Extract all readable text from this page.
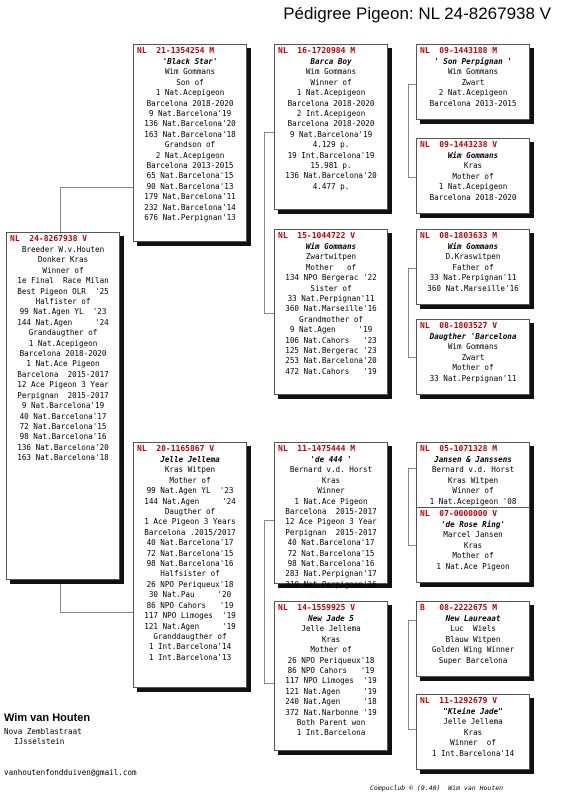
Pédigree Pigeon: NL 24-8267938 V
NL  24-8267938 V
Breeder W.v.Houten
Donker Kras
Winner of
1e Final  Race Milan
Best Pigeon OLR  '25
Halfister of
99 Nat.Agen YL  '23
144 Nat.Agen     '24
Grandaugther of
1 Nat.Acepigeon
Barcelona 2018-2020
1 Nat.Ace Pigeon
Barcelona  2015-2017
12 Ace Pigeon 3 Year
Perpignan  2015-2017
9 Nat.Barcelona'19
40 Nat.Barcelona'17
72 Nat.Barcelona'15
98 Nat.Barcelona'16
136 Nat.Barcelona'20
163 Nat.Barcelona'18
NL  21-1354254 M
'Black Star'
Wim Gommans
Son of
1 Nat.Acepigeon
Barcelona 2018-2020
9 Nat.Barcelona'19
136 Nat.Barcelona'20
163 Nat.Barcelona'18
Grandson of
2 Nat.Acepigeon
Barcelona 2013-2015
65 Nat.Barcelona'15
90 Nat.Barcelona'13
179 Nat.Barcelona'11
232 Nat.Barcelona'14
676 Nat.Perpignan'13
NL  20-1165867 V
Jelle Jellema
Kras Witpen
Mother of
99 Nat.Agen YL  '23
144 Nat.Agen     '24
Daugther of
1 Ace Pigeon 3 Years
Barcelona .2015/2017
40 Nat.Barcelona'17
72 Nat.Barcelona'15
98 Nat.Barcelona'16
Halfsister of
26 NPO Periqueux'18
30 Nat.Pau     '20
86 NPO Cahors   '19
117 NPO Limoges  '19
121 Nat.Agen     '19
Granddaugther of
1 Int.Barcelona'14
1 Int.Barcelona'13
NL  16-1720984 M
Barca Boy
Wim Gommans
Winner of
1 Nat.Acepigeon
Barcelona 2018-2020
2 Int.Acepigeon
Barcelona 2018-2020
9 Nat.Barcelona'19
4.129 p.
19 Int.Barcelona'19
15.981 p.
136 Nat.Barcelona'20
4.477 p.
NL  15-1044722 V
Wim Gommans
Zwartwitpen
Mother   of
134 NPO Bergerac '22
Sister of
33 Nat.Perpignan'11
360 Nat.Marseille'16
Grandmother of
9 Nat.Agen     '19
106 Nat.Cahors   '23
125 Nat.Bergerac '23
253 Nat.Barcelona'20
472 Nat.Cahors   '19
NL  11-1475444 M
'de 444 '
Bernard v.d. Horst
Kras
Winner
1 Nat.Ace Pigeon
Barcelona  2015-2017
12 Ace Pigeon 3 Year
Perpignan  2015-2017
40 Nat.Barcelona'17
72 Nat.Barcelona'15
98 Nat.Barcelona'16
283 Nat.Perpignan'17
310 Nat.Perpignan'16
NL  14-1559925 V
New Jade 5
Jelle Jellema
Kras
Mother of
26 NPO Periqueux'18
86 NPO Cahors   '19
117 NPO Limoges  '19
121 Nat.Agen     '19
240 Nat.Agen     '18
372 Nat.Narbonne '19
Both Parent won
1 Int.Barcelona
NL  09-1443188 M
' Son Perpignan '
Wim Gommans
Zwart
2 Nat.Acepigeon
Barcelona 2013-2015
NL  09-1443238 V
Wim Gommans
Kras
Mother of
1 Nat.Acepigeon
Barcelona 2018-2020
NL  08-1803633 M
Wim Gommans
D.Kraswitpen
Father of
33 Nat.Perpignan'11
360 Nat.Marseille'16
NL  08-1803527 V
Daugther 'Barcelona
Wim Gommans
Zwart
Mother of
33 Nat.Perpignan'11
NL  05-1071328 M
Jansen & Janssens
Bernard v.d. Horst
Kras Witpen
Winner of
1 Nat.Acepigeon '08
NL  07-0000000 V
'de Rose Ring'
Marcel Jansen
Kras
Mother of
1 Nat.Ace Pigeon
B   08-2222675 M
New Laureaat
Luc  Wiels
Blauw Witpen
Golden Wing Winner
Super Barcelona
NL  11-1292679 V
"Kleine Jade"
Jelle Jellema
Kras
Winner  of
1 Int.Barcelona'14
Wim van Houten
Nova Zemblastraat
IJsselstein
vanhoutenfondduiven@gmail.com
Compuclub © (9.40)  Wim van Houten
